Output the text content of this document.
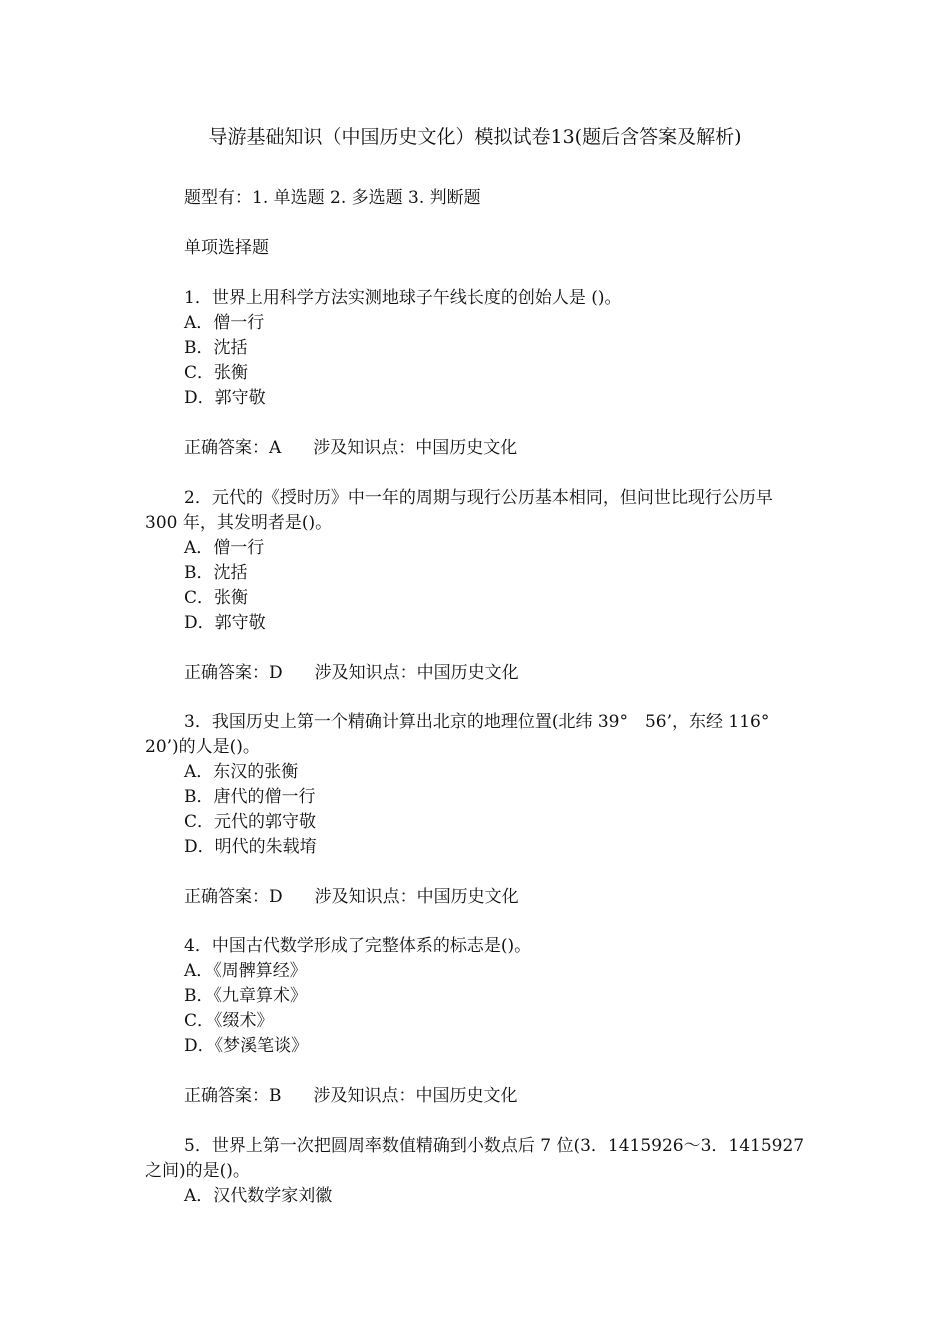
导游基础知识（中国历史文化）模拟试卷13(题后含答案及解析)
题型有：1. 单选题 2. 多选题 3. 判断题
单项选择题
1．世界上用科学方法实测地球子午线长度的创始人是 ()。
A．僧一行
B．沈括
C．张衡
D．郭守敬
正确答案：A 涉及知识点：中国历史文化
2．元代的《授时历》中一年的周期与现行公历基本相同，但问世比现行公历早 300 年，其发明者是()。
A．僧一行
B．沈括
C．张衡
D．郭守敬
正确答案：D 涉及知识点：中国历史文化
3．我国历史上第一个精确计算出北京的地理位置(北纬 39°　56’，东经 116°　20’)的人是()。
A．东汉的张衡
B．唐代的僧一行
C．元代的郭守敬
D．明代的朱载堉
正确答案：D 涉及知识点：中国历史文化
4．中国古代数学形成了完整体系的标志是()。
A．《周髀算经》
B．《九章算术》
C．《缀术》
D．《梦溪笔谈》
正确答案：B 涉及知识点：中国历史文化
5．世界上第一次把圆周率数值精确到小数点后 7 位(3．1415926～3．1415927之间)的是()。
A．汉代数学家刘徽
